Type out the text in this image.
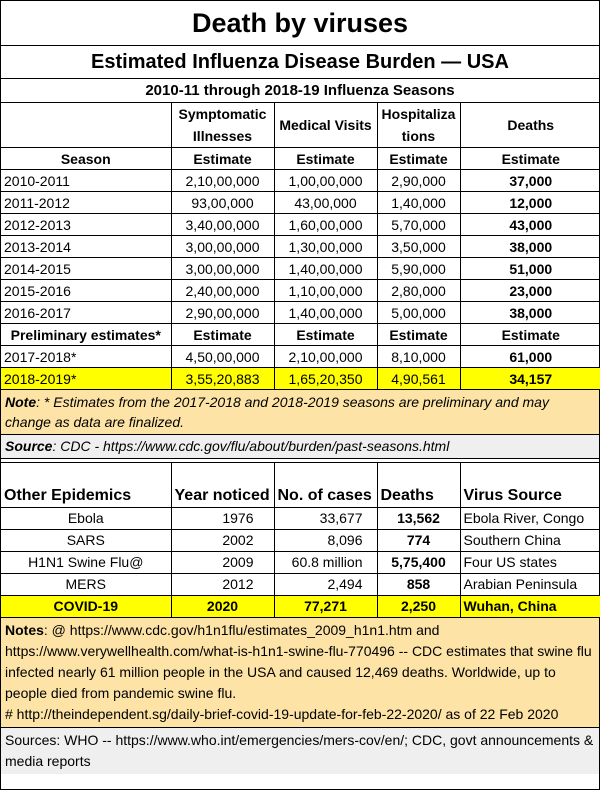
Death by viruses
Estimated Influenza Disease Burden — USA
2010-11 through 2018-19 Influenza Seasons
	Symptomatic Illnesses	Medical Visits	Hospitaliza tions	Deaths
Season	Estimate	Estimate	Estimate	Estimate
2010-2011	2,10,00,000	1,00,00,000	2,90,000	37,000
2011-2012	93,00,000	43,00,000	1,40,000	12,000
2012-2013	3,40,00,000	1,60,00,000	5,70,000	43,000
2013-2014	3,00,00,000	1,30,00,000	3,50,000	38,000
2014-2015	3,00,00,000	1,40,00,000	5,90,000	51,000
2015-2016	2,40,00,000	1,10,00,000	2,80,000	23,000
2016-2017	2,90,00,000	1,40,00,000	5,00,000	38,000
Preliminary estimates*	Estimate	Estimate	Estimate	Estimate
2017-2018*	4,50,00,000	2,10,00,000	8,10,000	61,000
2018-2019*	3,55,20,883	1,65,20,350	4,90,561	34,157
Note: * Estimates from the 2017-2018 and 2018-2019 seasons are preliminary and may change as data are finalized.
Source: CDC - https://www.cdc.gov/flu/about/burden/past-seasons.html
Other Epidemics	Year noticed	No. of cases	Deaths	Virus Source
Ebola	1976	33,677	13,562	Ebola River, Congo
SARS	2002	8,096	774	Southern China
H1N1 Swine Flu@	2009	60.8 million	5,75,400	Four US states
MERS	2012	2,494	858	Arabian Peninsula
COVID-19	2020	77,271	2,250	Wuhan, China
Notes: @ https://www.cdc.gov/h1n1flu/estimates_2009_h1n1.htm and https://www.verywellhealth.com/what-is-h1n1-swine-flu-770496 -- CDC estimates that swine flu infected nearly 61 million people in the USA and caused 12,469 deaths. Worldwide, up to people died from pandemic swine flu.
# http://theindependent.sg/daily-brief-covid-19-update-for-feb-22-2020/ as of 22 Feb 2020
Sources: WHO -- https://www.who.int/emergencies/mers-cov/en/; CDC, govt announcements & media reports
